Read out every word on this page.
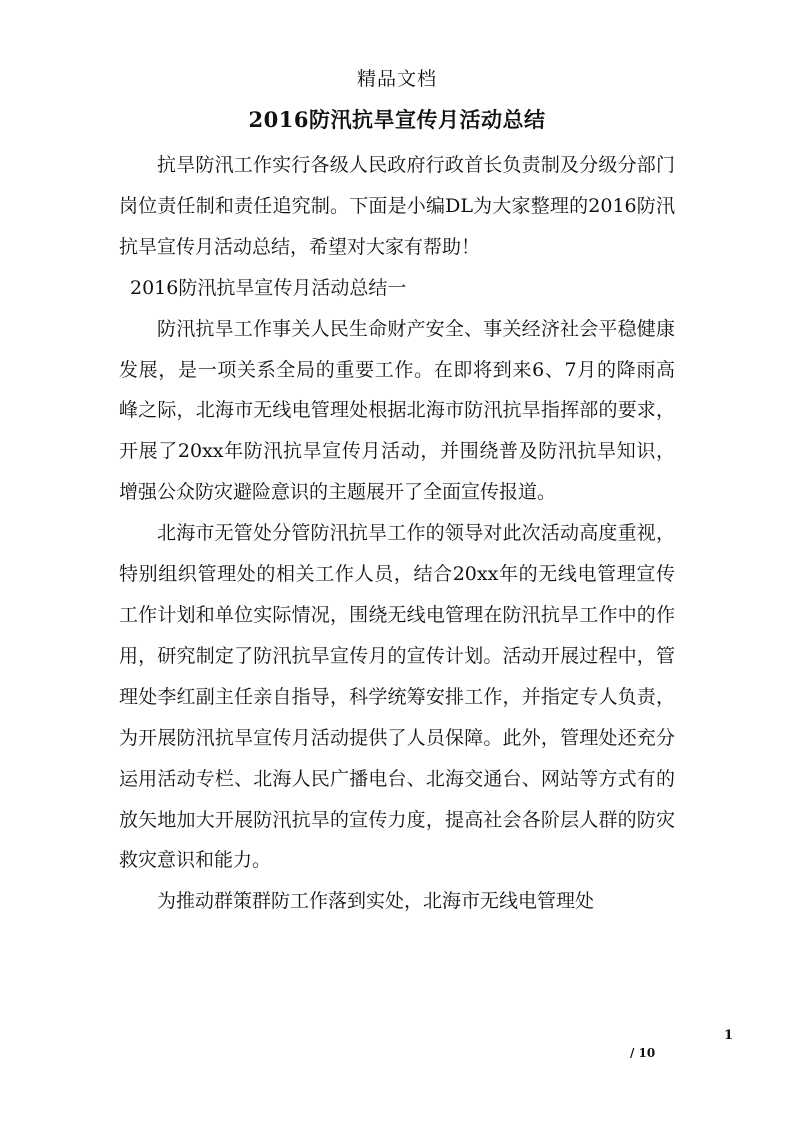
精品文档
2016防汛抗旱宣传月活动总结

抗旱防汛工作实行各级人民政府行政首长负责制及分级分部门岗位责任制和责任追究制。下面是小编DL为大家整理的2016防汛抗旱宣传月活动总结，希望对大家有帮助！

2016防汛抗旱宣传月活动总结一

防汛抗旱工作事关人民生命财产安全、事关经济社会平稳健康发展，是一项关系全局的重要工作。在即将到来6、7月的降雨高峰之际，北海市无线电管理处根据北海市防汛抗旱指挥部的要求，开展了20xx年防汛抗旱宣传月活动，并围绕普及防汛抗旱知识，增强公众防灾避险意识的主题展开了全面宣传报道。

北海市无管处分管防汛抗旱工作的领导对此次活动高度重视，特别组织管理处的相关工作人员，结合20xx年的无线电管理宣传工作计划和单位实际情况，围绕无线电管理在防汛抗旱工作中的作用，研究制定了防汛抗旱宣传月的宣传计划。活动开展过程中，管理处李红副主任亲自指导，科学统筹安排工作，并指定专人负责，为开展防汛抗旱宣传月活动提供了人员保障。此外，管理处还充分运用活动专栏、北海人民广播电台、北海交通台、网站等方式有的放矢地加大开展防汛抗旱的宣传力度，提高社会各阶层人群的防灾救灾意识和能力。

为推动群策群防工作落到实处，北海市无线电管理处

1
/ 10
